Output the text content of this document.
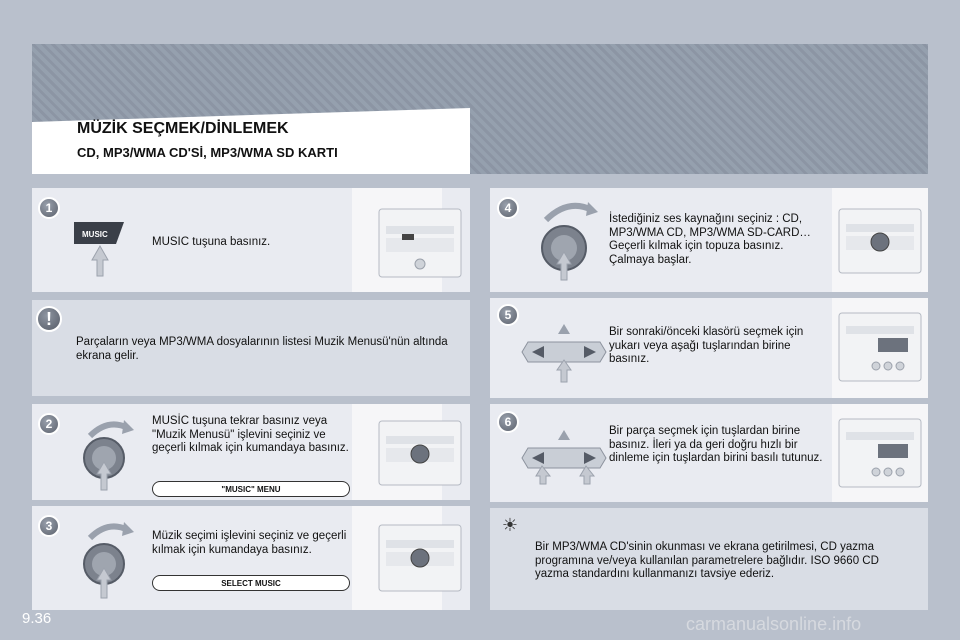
MÜZİK SEÇMEK/DİNLEMEK
CD, MP3/WMA CD'Sİ, MP3/WMA SD KARTI
1
MUSIC
MUSIC tuşuna basınız.
!
Parçaların veya MP3/WMA dosyalarının listesi Muzik Menusü'nün altında ekrana gelir.
2	MUSİC tuşuna tekrar basınız veya "Muzik Menusü" işlevini seçiniz ve geçerli kılmak için kumandaya basınız.
"MUSIC" MENU
3
Müzik seçimi işlevini seçiniz ve geçerli kılmak için kumandaya basınız.
SELECT MUSIC
4
İstediğiniz ses kaynağını seçiniz : CD, MP3/WMA CD, MP3/WMA SD-CARD… Geçerli kılmak için topuza basınız. Çalmaya başlar.
5
Bir sonraki/önceki klasörü seçmek için yukarı veya aşağı tuşlarından birine basınız.
6
Bir parça seçmek için tuşlardan birine basınız. İleri ya da geri doğru hızlı bir dinleme için tuşlardan birini basılı tutunuz.
☀
Bir MP3/WMA CD'sinin okunması ve ekrana getirilmesi, CD yazma programına ve/veya kullanılan parametrelere bağlıdır. ISO 9660 CD yazma standardını kullanmanızı tavsiye ederiz.
9.36	carmanualsonline.info
